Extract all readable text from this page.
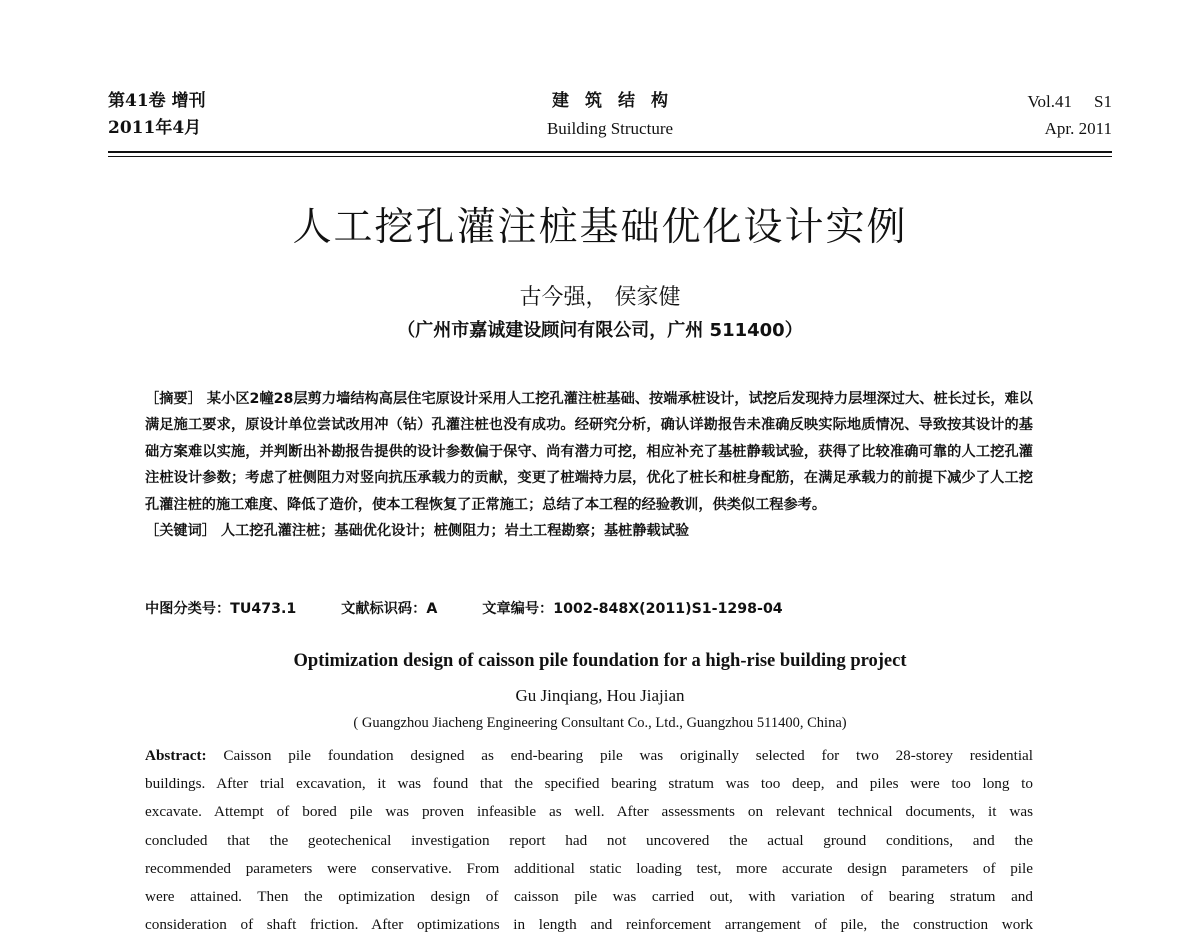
第41卷 增刊
2011年4月
建筑结构
Building Structure
Vol.41 S1
Apr. 2011
人工挖孔灌注桩基础优化设计实例
古今强， 侯家健
（广州市嘉诚建设顾问有限公司，广州 511400）

［摘要］ 某小区2幢28层剪力墙结构高层住宅原设计采用人工挖孔灌注桩基础、按端承桩设计，试挖后发现持力层埋深过大、桩长过长，难以满足施工要求，原设计单位尝试改用冲（钻）孔灌注桩也没有成功。经研究分析，确认详勘报告未准确反映实际地质情况、导致按其设计的基础方案难以实施，并判断出补勘报告提供的设计参数偏于保守、尚有潜力可挖，相应补充了基桩静载试验，获得了比较准确可靠的人工挖孔灌注桩设计参数；考虑了桩侧阻力对竖向抗压承载力的贡献，变更了桩端持力层，优化了桩长和桩身配筋，在满足承载力的前提下减少了人工挖孔灌注桩的施工难度、降低了造价，使本工程恢复了正常施工；总结了本工程的经验教训，供类似工程参考。

［关键词］ 人工挖孔灌注桩；基础优化设计；桩侧阻力；岩土工程勘察；基桩静载试验

中图分类号：TU473.1	文献标识码：A	文章编号：1002-848X(2011)S1-1298-04
Optimization design of caisson pile foundation for a high-rise building project
Gu Jinqiang, Hou Jiajian
( Guangzhou Jiacheng Engineering Consultant Co., Ltd., Guangzhou 511400, China)
Abstract: Caisson pile foundation designed as end-bearing pile was originally selected for two 28-storey residential
buildings. After trial excavation, it was found that the specified bearing stratum was too deep, and piles were too long to
excavate. Attempt of bored pile was proven infeasible as well. After assessments on relevant technical documents, it was
concluded that the geotechenical investigation report had not uncovered the actual ground conditions, and the
recommended parameters were conservative. From additional static loading test, more accurate design parameters of pile
were attained. Then the optimization design of caisson pile was carried out, with variation of bearing stratum and
consideration of shaft friction. After optimizations in length and reinforcement arrangement of pile, the construction work
